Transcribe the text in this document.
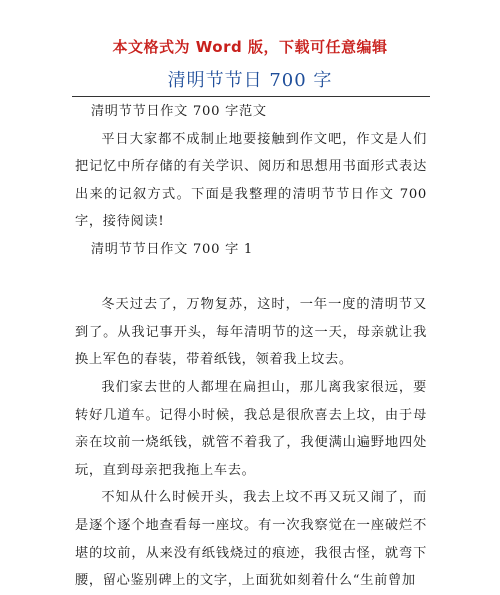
本文格式为 Word 版，下载可任意编辑
清明节节日 700 字

清明节节日作文 700 字范文

平日大家都不成制止地要接触到作文吧，作文是人们把记忆中所存储的有关学识、阅历和思想用书面形式表达出来的记叙方式。下面是我整理的清明节节日作文 700 字，接待阅读!

清明节节日作文 700 字 1

冬天过去了，万物复苏，这时，一年一度的清明节又到了。从我记事开头，每年清明节的这一天，母亲就让我换上军色的春装，带着纸钱，领着我上坟去。

我们家去世的人都埋在扁担山，那儿离我家很远，要转好几道车。记得小时候，我总是很欣喜去上坟，由于母亲在坟前一烧纸钱，就管不着我了，我便满山遍野地四处玩，直到母亲把我拖上车去。

不知从什么时候开头，我去上坟不再又玩又闹了，而是逐个逐个地查看每一座坟。有一次我察觉在一座破烂不堪的坟前，从来没有纸钱烧过的痕迹，我很古怪，就弯下腰，留心鉴别碑上的文字，上面犹如刻着什么“生前曾加
